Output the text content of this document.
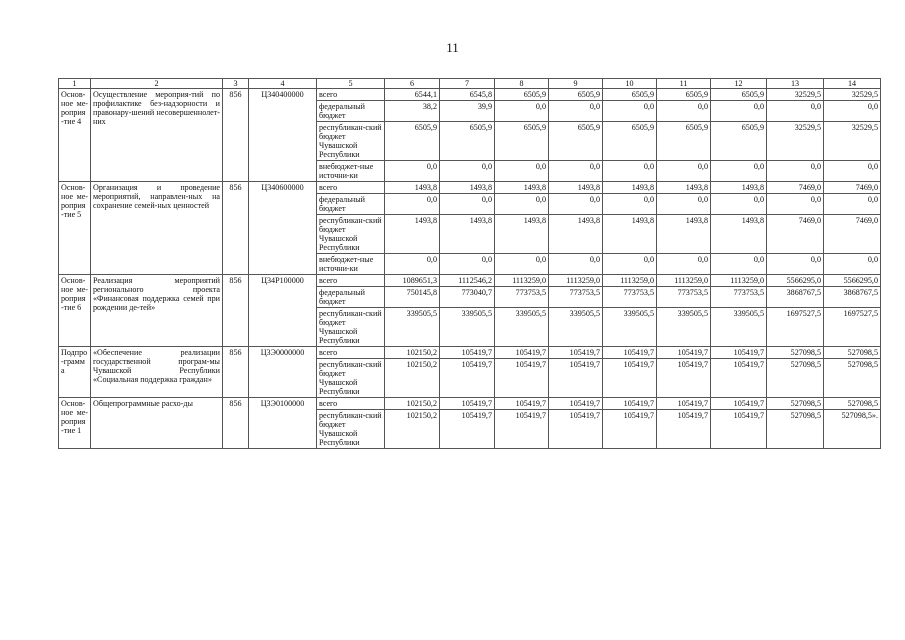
11
1	2	3	4	5	6	7	8	9	10	11	12	13	14
Основ-ное ме-роприя-тие 4	Осуществление мероприя-тий по профилактике без-надзорности и правонару-шений несовершеннолет-них	856	Ц340400000	всего	6544,1	6545,8	6505,9	6505,9	6505,9	6505,9	6505,9	32529,5	32529,5
				федеральный бюджет	38,2	39,9	0,0	0,0	0,0	0,0	0,0	0,0	0,0
				республикан-ский бюджет Чувашской Республики	6505,9	6505,9	6505,9	6505,9	6505,9	6505,9	6505,9	32529,5	32529,5
				внебюджет-ные источни-ки	0,0	0,0	0,0	0,0	0,0	0,0	0,0	0,0	0,0
Основ-ное ме-роприя-тие 5	Организация и проведение мероприятий, направлен-ных на сохранение семей-ных ценностей	856	Ц340600000	всего	1493,8	1493,8	1493,8	1493,8	1493,8	1493,8	1493,8	7469,0	7469,0
				федеральный бюджет	0,0	0,0	0,0	0,0	0,0	0,0	0,0	0,0	0,0
				республикан-ский бюджет Чувашской Республики	1493,8	1493,8	1493,8	1493,8	1493,8	1493,8	1493,8	7469,0	7469,0
				внебюджет-ные источни-ки	0,0	0,0	0,0	0,0	0,0	0,0	0,0	0,0	0,0
Основ-ное ме-роприя-тие 6	Реализация мероприятий регионального проекта «Финансовая поддержка семей при рождении де-тей»	856	Ц34Р100000	всего	1089651,3	1112546,2	1113259,0	1113259,0	1113259,0	1113259,0	1113259,0	5566295,0	5566295,0
				федеральный бюджет	750145,8	773040,7	773753,5	773753,5	773753,5	773753,5	773753,5	3868767,5	3868767,5
				республикан-ский бюджет Чувашской Республики	339505,5	339505,5	339505,5	339505,5	339505,5	339505,5	339505,5	1697527,5	1697527,5
Подпро-грамма	«Обеспечение реализации государственной програм-мы Чувашской Республики «Социальная поддержка граждан»	856	Ц3Э0000000	всего	102150,2	105419,7	105419,7	105419,7	105419,7	105419,7	105419,7	527098,5	527098,5
				республикан-ский бюджет Чувашской Республики	102150,2	105419,7	105419,7	105419,7	105419,7	105419,7	105419,7	527098,5	527098,5
Основ-ное ме-роприя-тие 1	Общепрограммные расхо-ды	856	Ц3Э0100000	всего	102150,2	105419,7	105419,7	105419,7	105419,7	105419,7	105419,7	527098,5	527098,5
				республикан-ский бюджет Чувашской Республики	102150,2	105419,7	105419,7	105419,7	105419,7	105419,7	105419,7	527098,5	527098,5».
